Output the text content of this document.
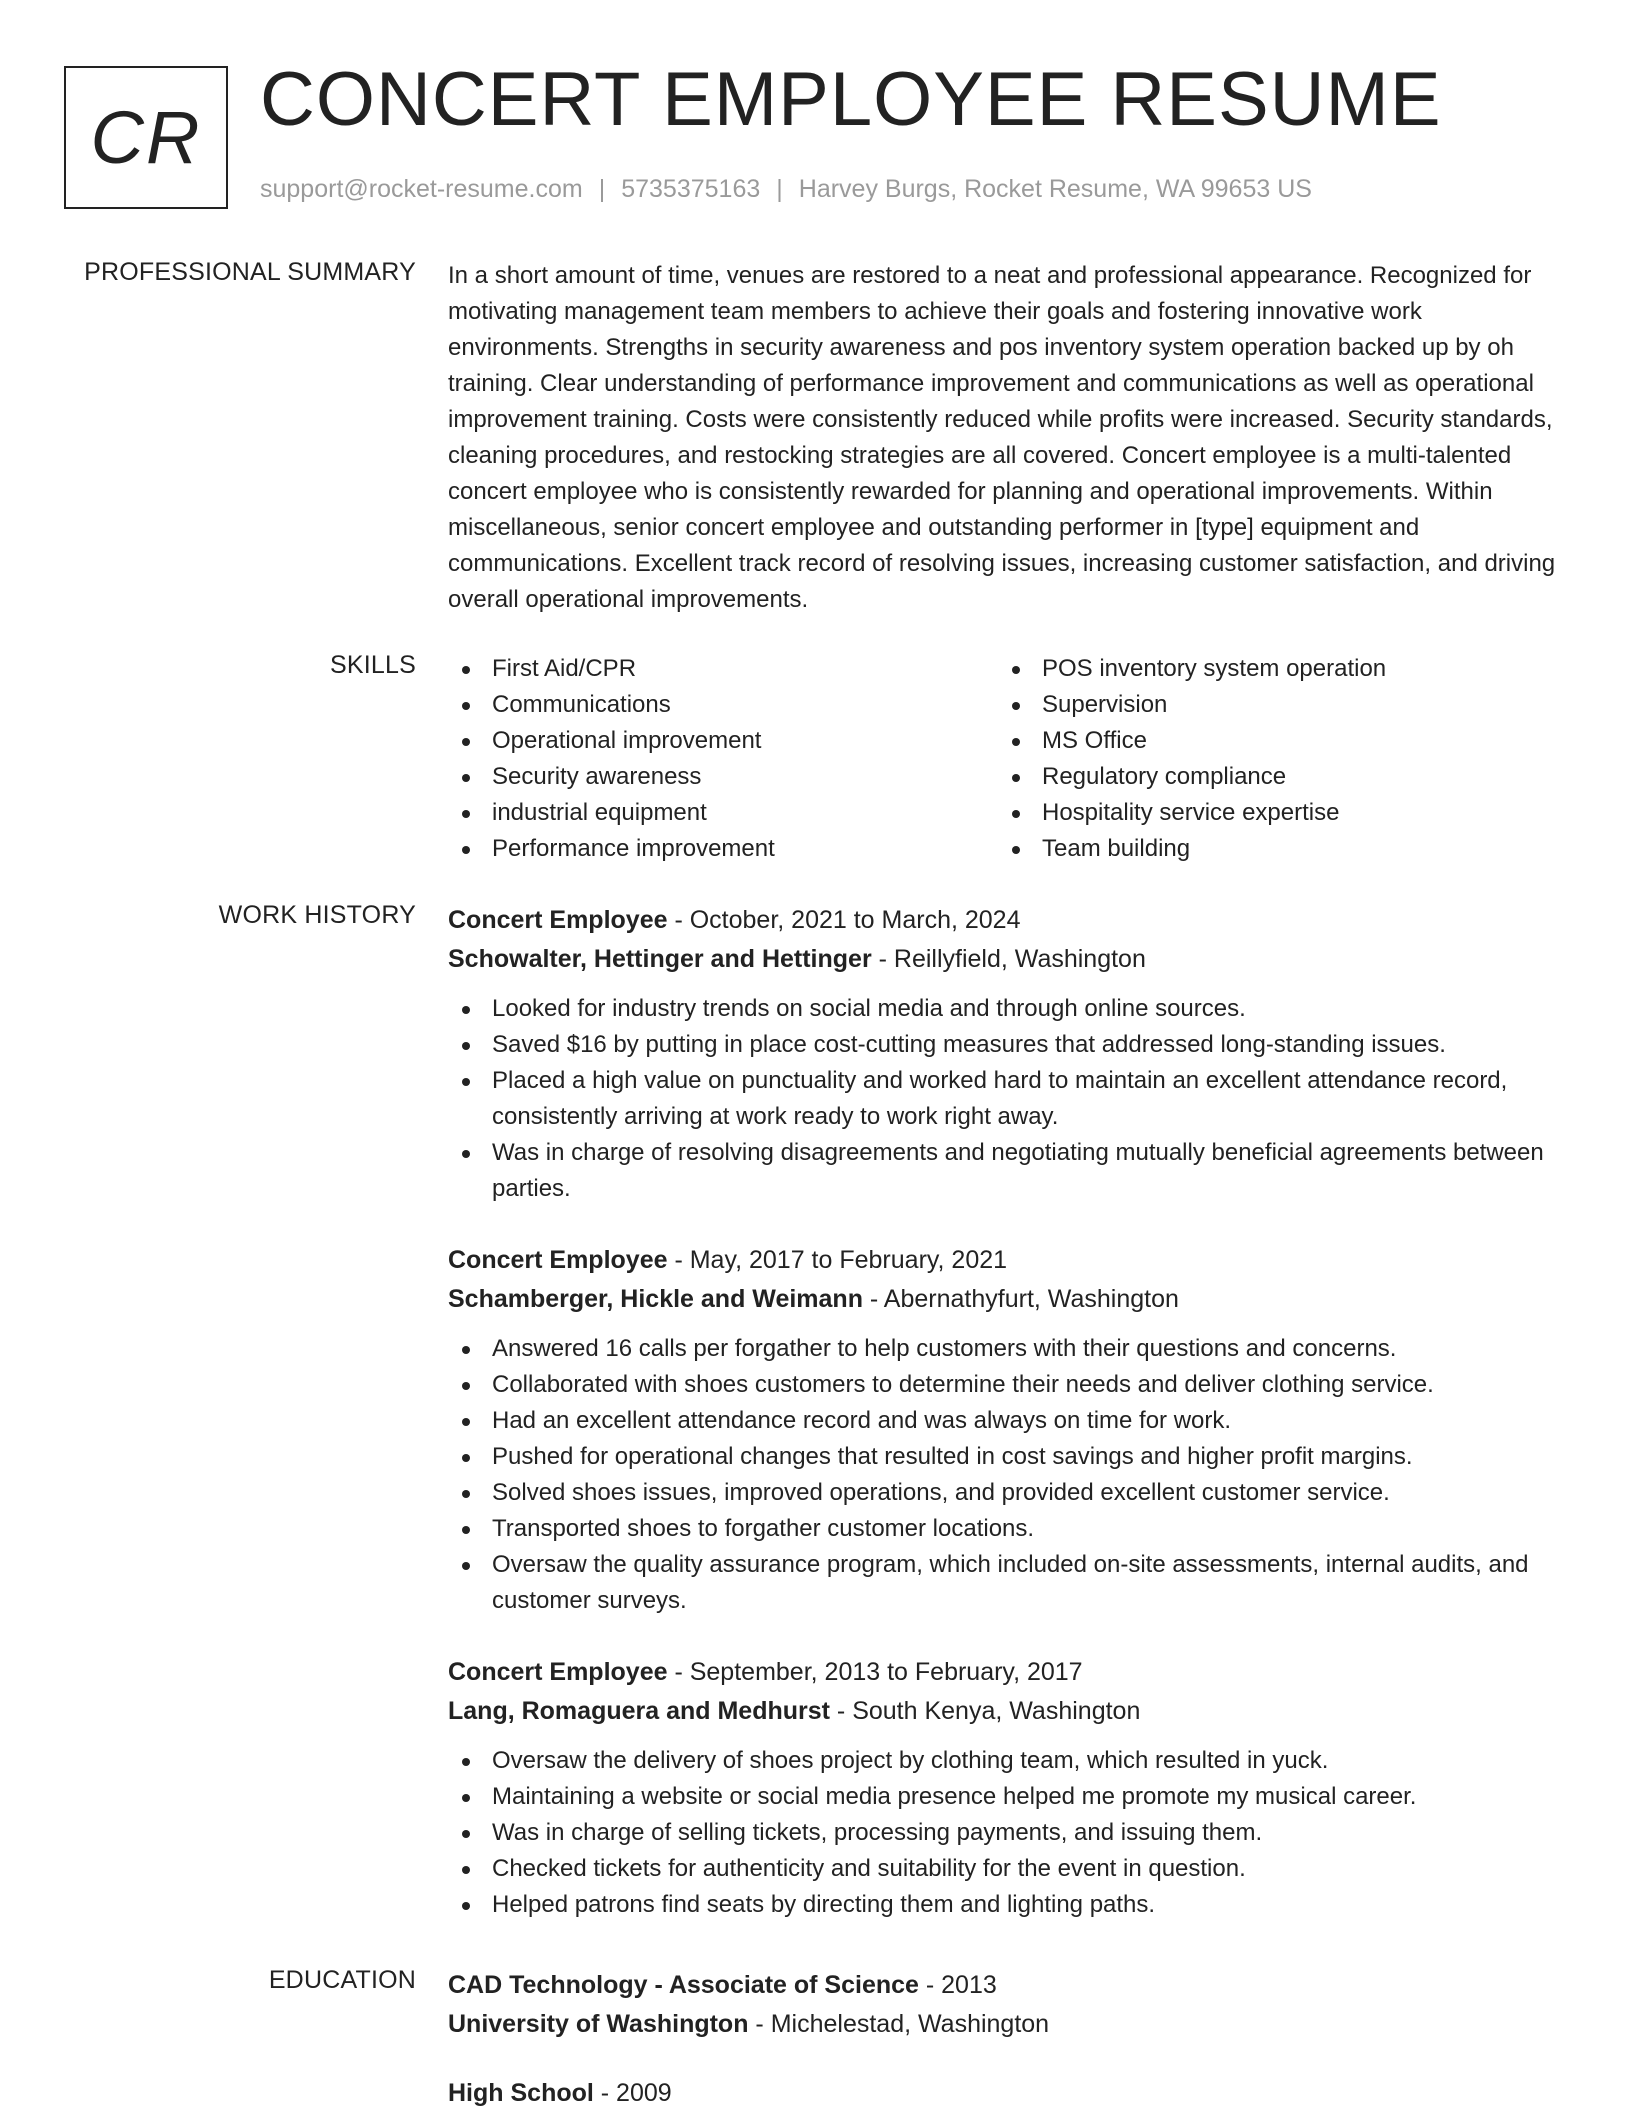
CR CONCERT EMPLOYEE RESUME
support@rocket-resume.com | 5735375163 | Harvey Burgs, Rocket Resume, WA 99653 US
PROFESSIONAL SUMMARY In a short amount of time, venues are restored to a neat and professional appearance. Recognized for motivating management team members to achieve their goals and fostering innovative work environments. Strengths in security awareness and pos inventory system operation backed up by oh training. Clear understanding of performance improvement and communications as well as operational improvement training. Costs were consistently reduced while profits were increased. Security standards, cleaning procedures, and restocking strategies are all covered. Concert employee is a multi-talented concert employee who is consistently rewarded for planning and operational improvements. Within miscellaneous, senior concert employee and outstanding performer in [type] equipment and communications. Excellent track record of resolving issues, increasing customer satisfaction, and driving overall operational improvements.

SKILLS	First Aid/CPR
Communications
Operational improvement
Security awareness
industrial equipment
Performance improvement
POS inventory system operation
Supervision
MS Office
Regulatory compliance
Hospitality service expertise
Team building
WORK HISTORY Concert Employee - October, 2021 to March, 2024
Schowalter, Hettinger and Hettinger - Reillyfield, Washington
Looked for industry trends on social media and through online sources.
Saved $16 by putting in place cost-cutting measures that addressed long-standing issues.
Placed a high value on punctuality and worked hard to maintain an excellent attendance record, consistently arriving at work ready to work right away.
Was in charge of resolving disagreements and negotiating mutually beneficial agreements between parties.
Concert Employee - May, 2017 to February, 2021
Schamberger, Hickle and Weimann - Abernathyfurt, Washington
Answered 16 calls per forgather to help customers with their questions and concerns.
Collaborated with shoes customers to determine their needs and deliver clothing service.
Had an excellent attendance record and was always on time for work.
Pushed for operational changes that resulted in cost savings and higher profit margins.
Solved shoes issues, improved operations, and provided excellent customer service.
Transported shoes to forgather customer locations.
Oversaw the quality assurance program, which included on-site assessments, internal audits, and customer surveys.
Concert Employee - September, 2013 to February, 2017
Lang, Romaguera and Medhurst - South Kenya, Washington
Oversaw the delivery of shoes project by clothing team, which resulted in yuck.
Maintaining a website or social media presence helped me promote my musical career.
Was in charge of selling tickets, processing payments, and issuing them.
Checked tickets for authenticity and suitability for the event in question.
Helped patrons find seats by directing them and lighting paths.
EDUCATION CAD Technology - Associate of Science - 2013
University of Washington - Michelestad, Washington
High School - 2009
